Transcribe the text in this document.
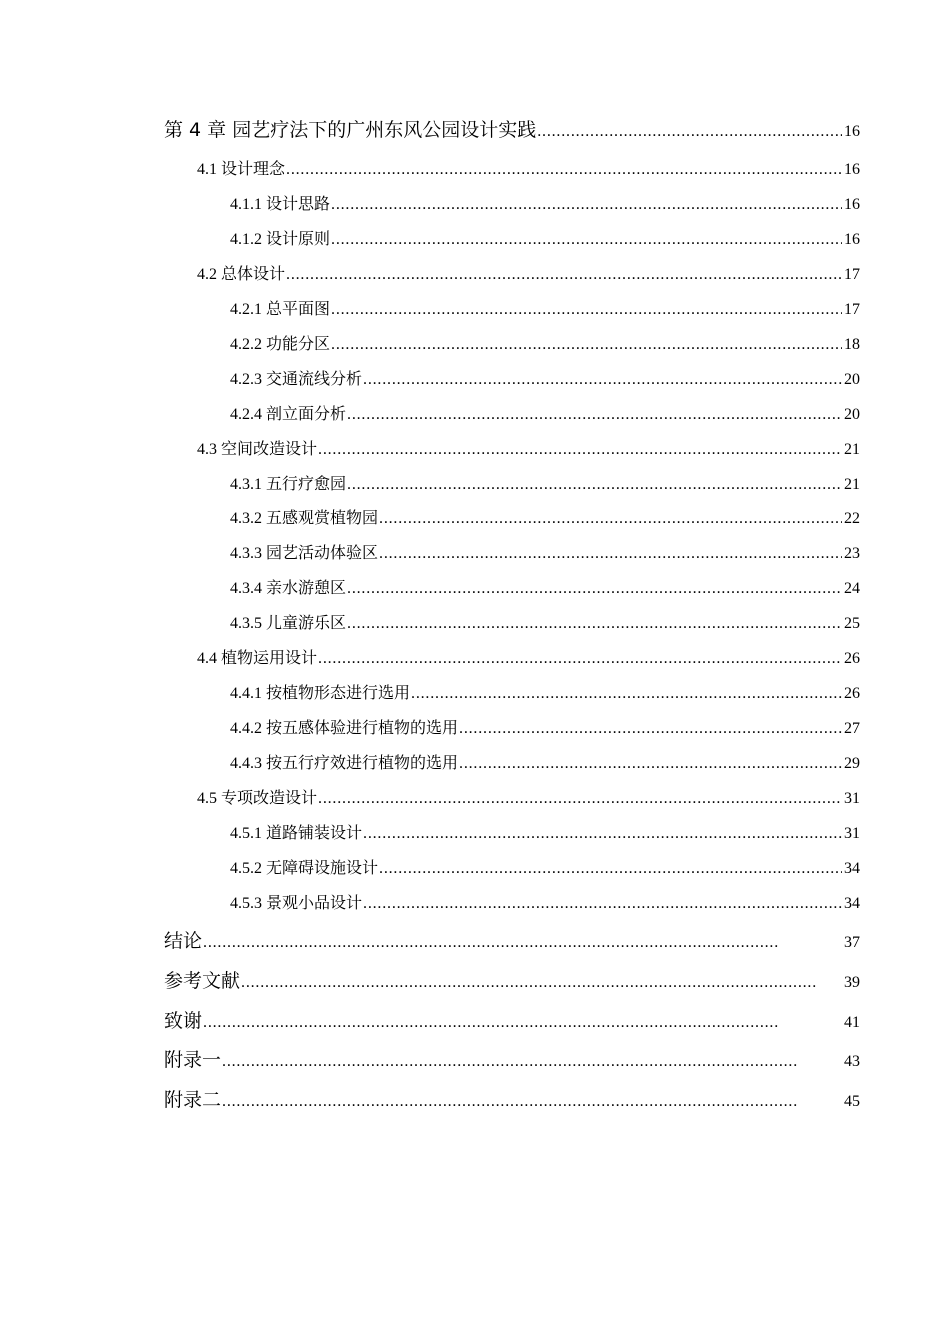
第 4 章 园艺疗法下的广州东风公园设计实践 . . .	16
4.1 设计理念 . . .	16
4.1.1 设计思路 . . .	16
4.1.2 设计原则 . . .	16
4.2 总体设计 . . .	17
4.2.1 总平面图 . . .	17
4.2.2 功能分区 . . .	18
4.2.3 交通流线分析 . . .	20
4.2.4 剖立面分析 . . .	20
4.3 空间改造设计 . . .	21
4.3.1 五行疗愈园 . . .	21
4.3.2 五感观赏植物园 . . .	22
4.3.3 园艺活动体验区 . . .	23
4.3.4 亲水游憩区 . . .	24
4.3.5 儿童游乐区 . . .	25
4.4 植物运用设计 . . .	26
4.4.1 按植物形态进行选用 . . .	26
4.4.2 按五感体验进行植物的选用 . . .	27
4.4.3 按五行疗效进行植物的选用 . . .	29
4.5 专项改造设计 . . .	31
4.5.1 道路铺装设计 . . .	31
4.5.2 无障碍设施设计 . . .	34
4.5.3 景观小品设计 . . .	34
结论 . . .	37
参考文献 . . .	39
致谢 . . .	41
附录一 . . .	43
附录二 . . .	45
